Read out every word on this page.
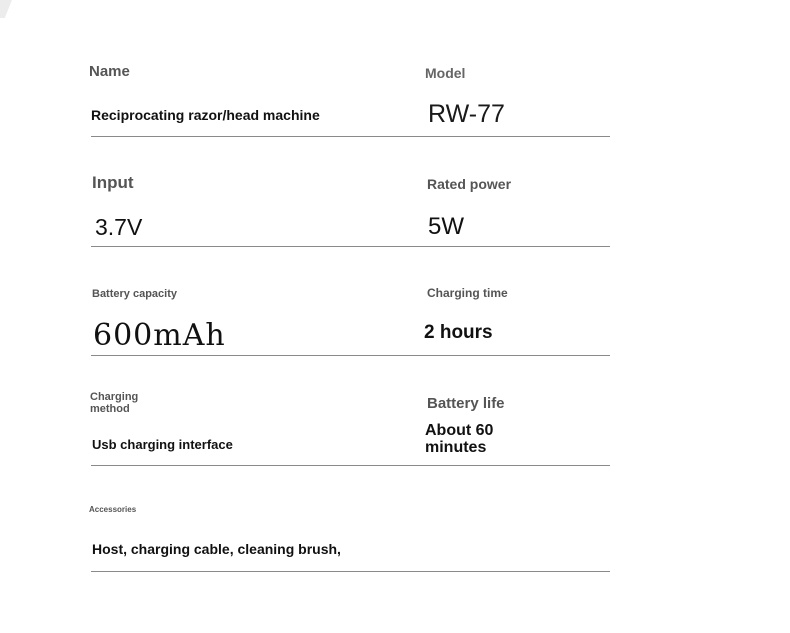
Name
Reciprocating razor/head machine
Model
RW-77
Input
3.7V
Rated power
5W
Battery capacity
600mAh
Charging time
2 hours
Charging
method
Usb charging interface
Battery life
About 60
minutes
Accessories
Host, charging cable, cleaning brush,
